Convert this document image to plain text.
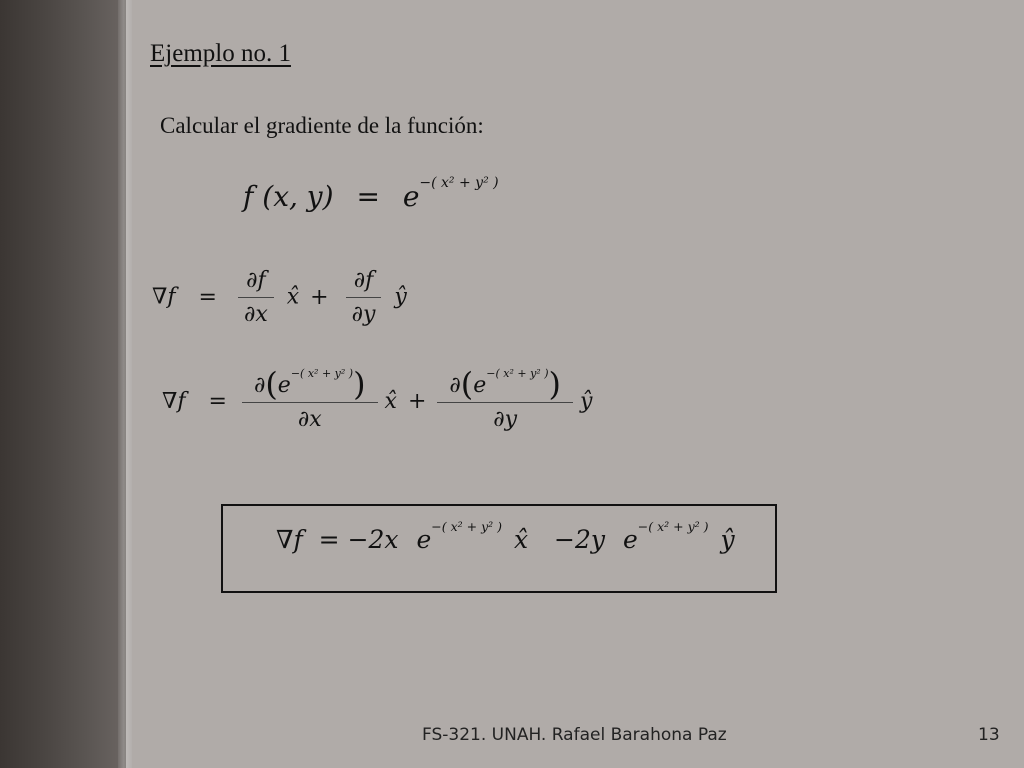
Ejemplo no. 1
Calcular el gradiente de la función:
f (x, $y) = e^{-( x^2 + y^2 )}$
$\nabla f = \frac{\partial f}{\partial x}$ x̂ + $\frac{\partial f}{\partial y}$ ŷ
$\nabla f = \frac{\partial(e^{-( x^2 + y^2 )})}{\partial x}$ x̂ + $\frac{\partial(e^{-( x^2 + y^2 )})}{\partial y}$ ŷ
∇f = −2x $e^{-( x^2 + y^2 )}$ x̂ −2y $e^{-( x^2 + y^2 )}$ ŷ
FS-321. UNAH. Rafael Barahona Paz	13
